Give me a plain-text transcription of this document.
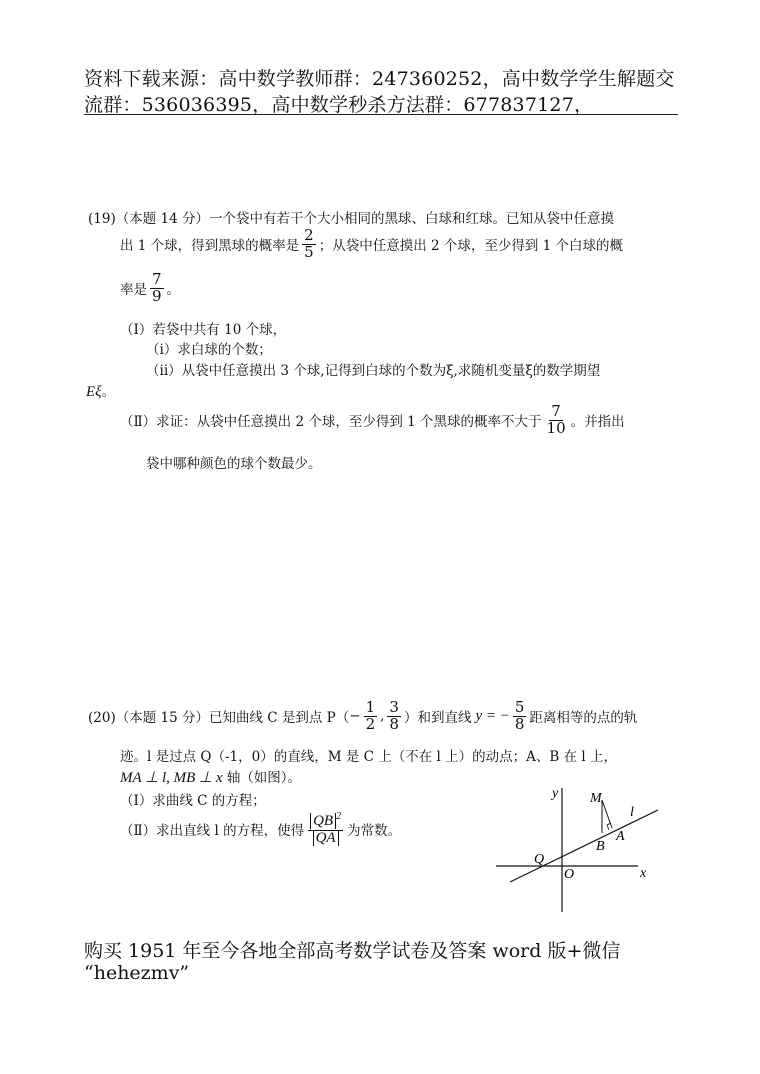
资料下载来源：高中数学教师群：247360252，高中数学学生解题交
流群：536036395，高中数学秒杀方法群：677837127，
(19)（本题 14 分）一个袋中有若干个大小相同的黑球、白球和红球。已知从袋中任意摸
出 1 个球，得到黑球的概率是 $\frac{2}{5}$ ；从袋中任意摸出 2 个球，至少得到 1 个白球的概
率是 $\frac{7}{9}$ 。
（Ⅰ）若袋中共有 10 个球，
（i）求白球的个数；
（ii）从袋中任意摸出 3 个球,记得到白球的个数为ξ,求随机变量ξ的数学期望
Eξ。
（Ⅱ）求证：从袋中任意摸出 2 个球，至少得到 1 个黑球的概率不大于 $\frac{7}{10}$ 。并指出
袋中哪种颜色的球个数最少。
(20)（本题 15 分）已知曲线 C 是到点 $P( - \frac{1}{2}$ , $\frac{3}{8}$ ）和到直线 y = − $\frac{5}{8}$ 距离相等的点的轨
迹。l 是过点 Q（-1，0）的直线，M 是 C 上（不在 l 上）的动点；A、B 在 l 上，
MA ⊥ l, MB ⊥ x 轴（如图）。
（Ⅰ）求曲线 C 的方程；
（Ⅱ）求出直线 l 的方程，使得 $\frac{QB ^2}{QA}$ 为常数。
y
x
O
Q
M
l
A
B
购买 1951 年至今各地全部高考数学试卷及答案 word 版+微信
“hehezmv”
